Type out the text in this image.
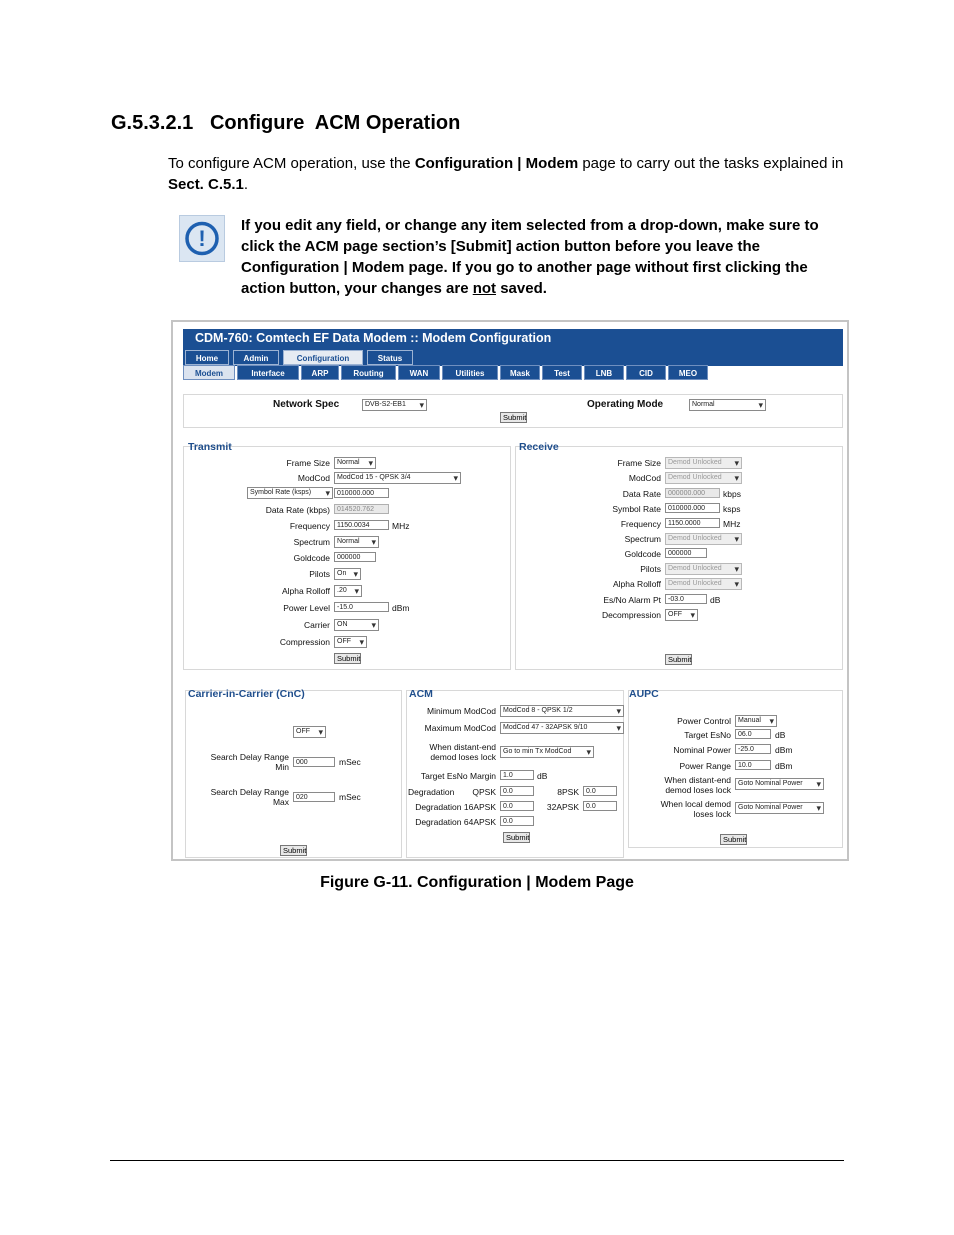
G.5.3.2.1   Configure  ACM Operation
To configure ACM operation, use the Configuration | Modem page to carry out the tasks explained in Sect. C.5.1.
!
If you edit any field, or change any item selected from a drop-down, make sure to click the ACM page section’s [Submit] action button before you leave the Configuration | Modem page. If you go to another page without first clicking the action button, your changes are not saved.
CDM-760: Comtech EF Data Modem :: Modem Configuration
Home	Admin	Configuration	Status
Modem	Interface	ARP	Routing	WAN	Utilities	Mask	Test	LNB	CID	MEO
Network Spec	DVB-S2-EB1 ▾	Operating Mode	Normal ▾
Submit
Transmit
Frame Size	Normal ▾
ModCod	ModCod 15 - QPSK 3/4 ▾
Symbol Rate (ksps) ▾	010000.000
Data Rate (kbps)	014520.762
Frequency	1150.0034	MHz
Spectrum	Normal ▾
Goldcode	000000
Pilots	On ▾
Alpha Rolloff	.20 ▾
Power Level	-15.0	dBm
Carrier	ON ▾
Compression	OFF ▾
Submit
Receive
Frame Size	Demod Unlocked ▾
ModCod	Demod Unlocked ▾
Data Rate	000000.000	kbps
Symbol Rate	010000.000	ksps
Frequency	1150.0000	MHz
Spectrum	Demod Unlocked ▾
Goldcode	000000
Pilots	Demod Unlocked ▾
Alpha Rolloff	Demod Unlocked ▾
Es/No Alarm Pt	-03.0	dB
Decompression	OFF ▾
Submit
Carrier-in-Carrier (CnC)
OFF ▾
Search Delay Range
Min	000	mSec
Search Delay Range
Max	020	mSec
Submit
ACM
Minimum ModCod	ModCod 8 - QPSK 1/2 ▾
Maximum ModCod	ModCod 47 - 32APSK 9/10 ▾
When distant-end
demod loses lock
Go to min Tx ModCod ▾
Target EsNo Margin	1.0	dB
Degradation QPSK	0.0	8PSK	0.0
Degradation 16APSK	0.0	32APSK	0.0
Degradation 64APSK	0.0
Submit
AUPC
Power Control	Manual ▾
Target EsNo	06.0	dB
Nominal Power	-25.0	dBm
Power Range	10.0	dBm
When distant-end
demod loses lock
Goto Nominal Power ▾
When local demod
loses lock
Goto Nominal Power ▾
Submit
Figure G-11. Configuration | Modem Page
